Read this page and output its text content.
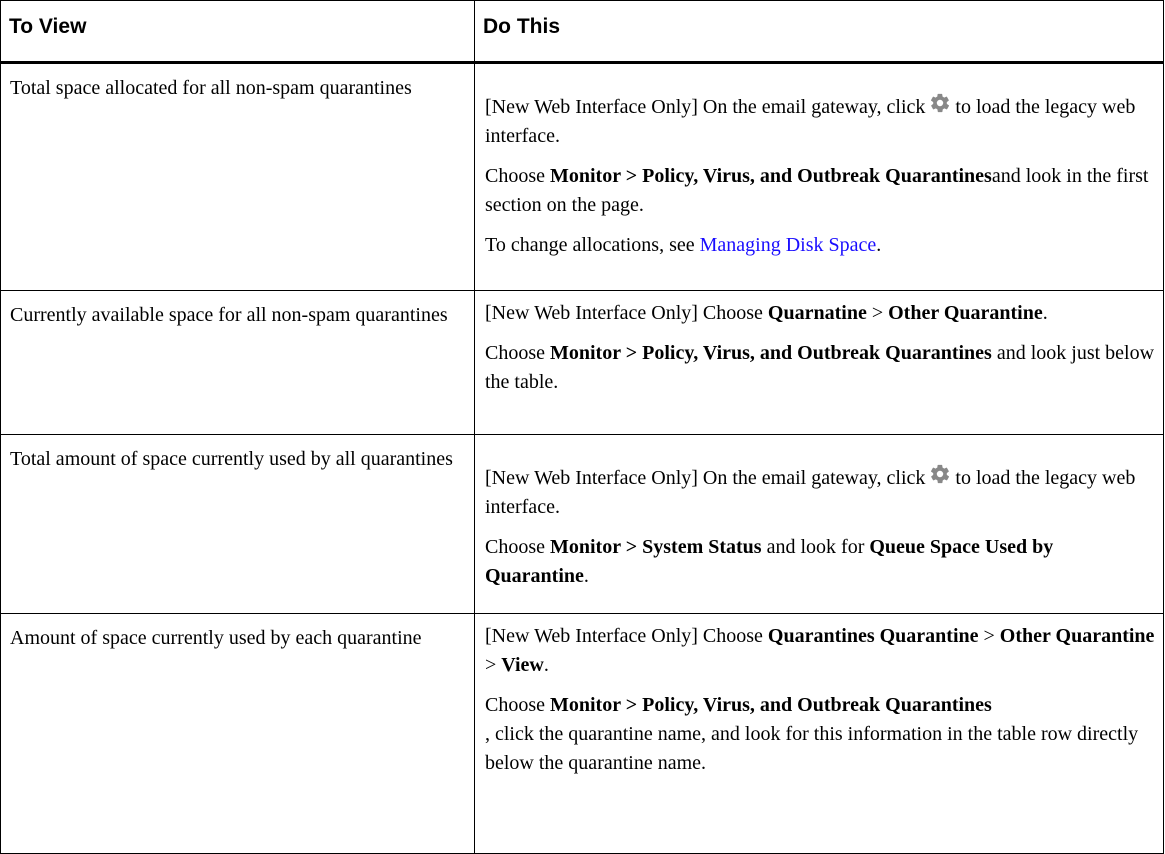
To View	Do This
Total space allocated for all non-spam quarantines	[New Web Interface Only] On the email gateway, click to load the legacy web interface.

Choose Monitor > Policy, Virus, and Outbreak Quarantinesand look in the first section on the page.

To change allocations, see Managing Disk Space.

Currently available space for all non-spam quarantines	[New Web Interface Only] Choose Quarnatine > Other Quarantine.

Choose Monitor > Policy, Virus, and Outbreak Quarantines and look just below the table.

Total amount of space currently used by all quarantines	[New Web Interface Only] On the email gateway, click to load the legacy web interface.

Choose Monitor > System Status and look for Queue Space Used by Quarantine.

Amount of space currently used by each quarantine	[New Web Interface Only] Choose Quarantines Quarantine > Other Quarantine > View.

Choose Monitor > Policy, Virus, and Outbreak Quarantines
, click the quarantine name, and look for this information in the table row directly below the quarantine name.
